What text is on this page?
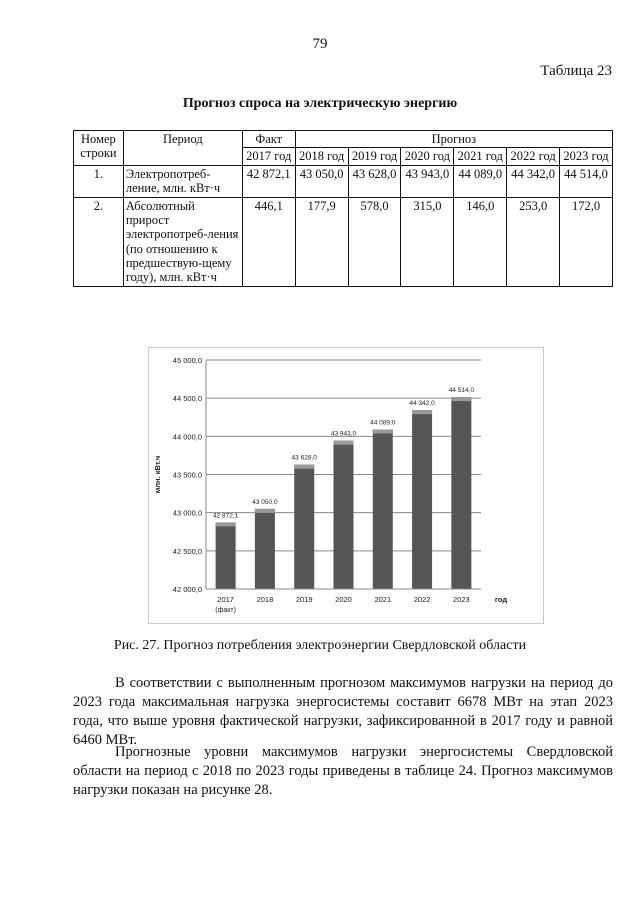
79
Таблица 23
Прогноз спроса на электрическую энергию
Номер строки	Период	Факт	Прогноз					
		2017 год	2018 год	2019 год	2020 год	2021 год	2022 год	2023 год
1.	Электропотреб-ление, млн. кВт·ч	42 872,1	43 050,0	43 628,0	43 943,0	44 089,0	44 342,0	44 514,0
2.	Абсолютный прирост электропотреб-ления (по отношению к предшествую-щему году), млн. кВт·ч	446,1	177,9	578,0	315,0	146,0	253,0	172,0
42 000,0
42 500,0
43 000,0
43 500,0
44 000,0
44 500,0
45 000,0
млн. кВт.ч
42 872,1
2017
(факт)
43 050,0
2018
43 628,0
2019
43 943,0
2020
44 089,0
2021
44 342,0
2022
44 514,0
2023	год
Рис. 27. Прогноз потребления электроэнергии Свердловской области

В соответствии с выполненным прогнозом максимумов нагрузки на период до 2023 года максимальная нагрузка энергосистемы составит 6678 МВт на этап 2023 года, что выше уровня фактической нагрузки, зафиксированной в 2017 году и равной 6460 МВт.

Прогнозные уровни максимумов нагрузки энергосистемы Свердловской области на период с 2018 по 2023 годы приведены в таблице 24. Прогноз максимумов нагрузки показан на рисунке 28.
